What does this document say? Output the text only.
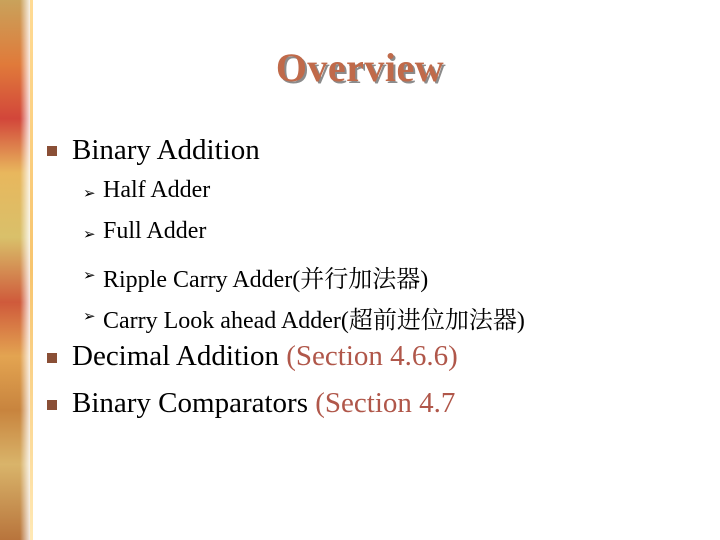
Overview
Binary Addition
➢ Half Adder
➢ Full Adder
➢ Ripple Carry Adder(并行加法器)
➢ Carry Look ahead Adder(超前进位加法器)
Decimal Addition (Section 4.6.6)
Binary Comparators (Section 4.7
